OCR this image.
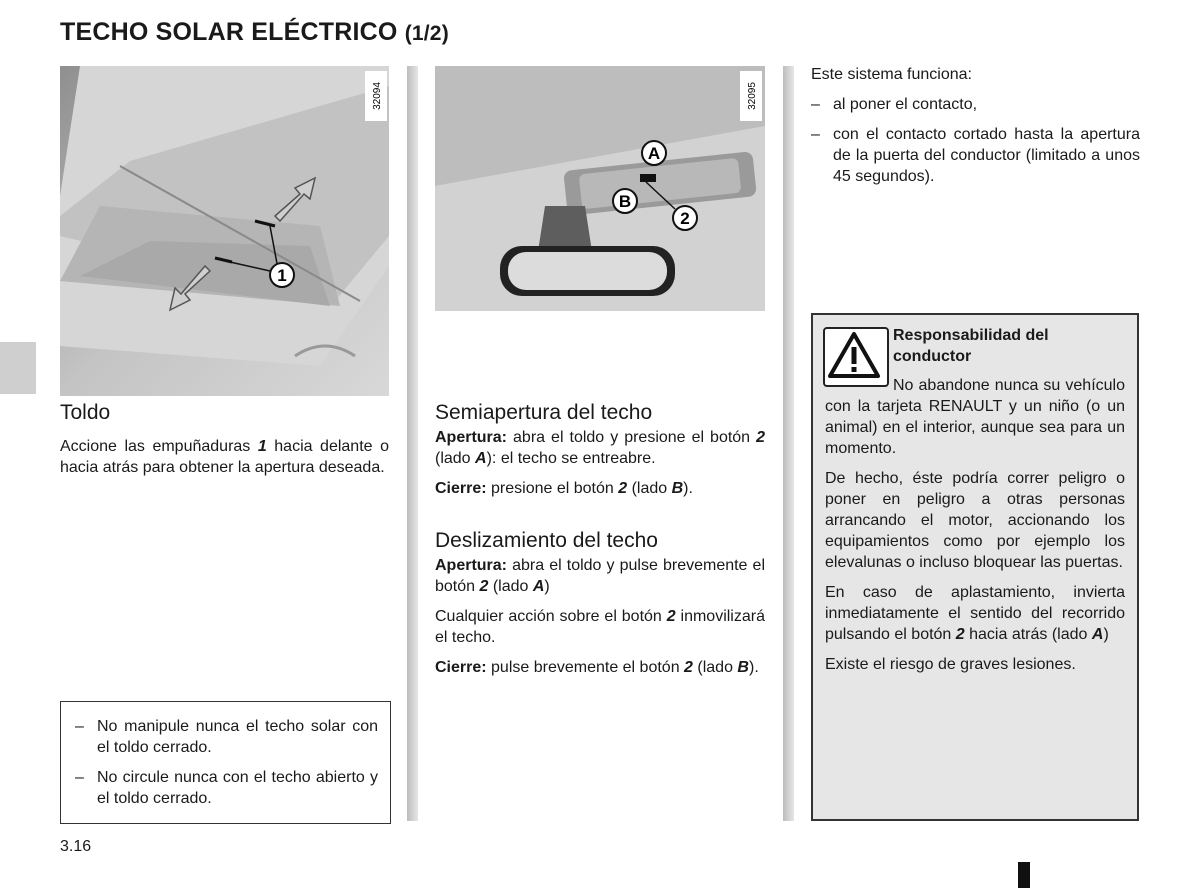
TECHO SOLAR ELÉCTRICO (1/2)
1
32094
A
B
2
32095
Toldo

Accione las empuñaduras 1 hacia delante o hacia atrás para obtener la apertura deseada.

– No manipule nunca el techo solar con el toldo cerrado.
– No circule nunca con el techo abierto y el toldo cerrado.
Semiapertura del techo

Apertura: abra el toldo y presione el botón 2 (lado A): el techo se entreabre.

Cierre: presione el botón 2 (lado B).

Deslizamiento del techo

Apertura: abra el toldo y pulse brevemente el botón 2 (lado A)

Cualquier acción sobre el botón 2 inmovilizará el techo.

Cierre: pulse brevemente el botón 2 (lado B).

Este sistema funciona:

– al poner el contacto,
– con el contacto cortado hasta la apertura de la puerta del conductor (limitado a unos 45 segundos).
Responsabilidad del conductor

No abandone nunca su vehículo con la tarjeta RENAULT y un niño (o un animal) en el interior, aunque sea para un momento.

De hecho, éste podría correr peligro o poner en peligro a otras personas arrancando el motor, accionando los equipamientos como por ejemplo los elevalunas o incluso bloquear las puertas.

En caso de aplastamiento, invierta inmediatamente el sentido del recorrido pulsando el botón 2 hacia atrás (lado A)

Existe el riesgo de graves lesiones.

3.16
